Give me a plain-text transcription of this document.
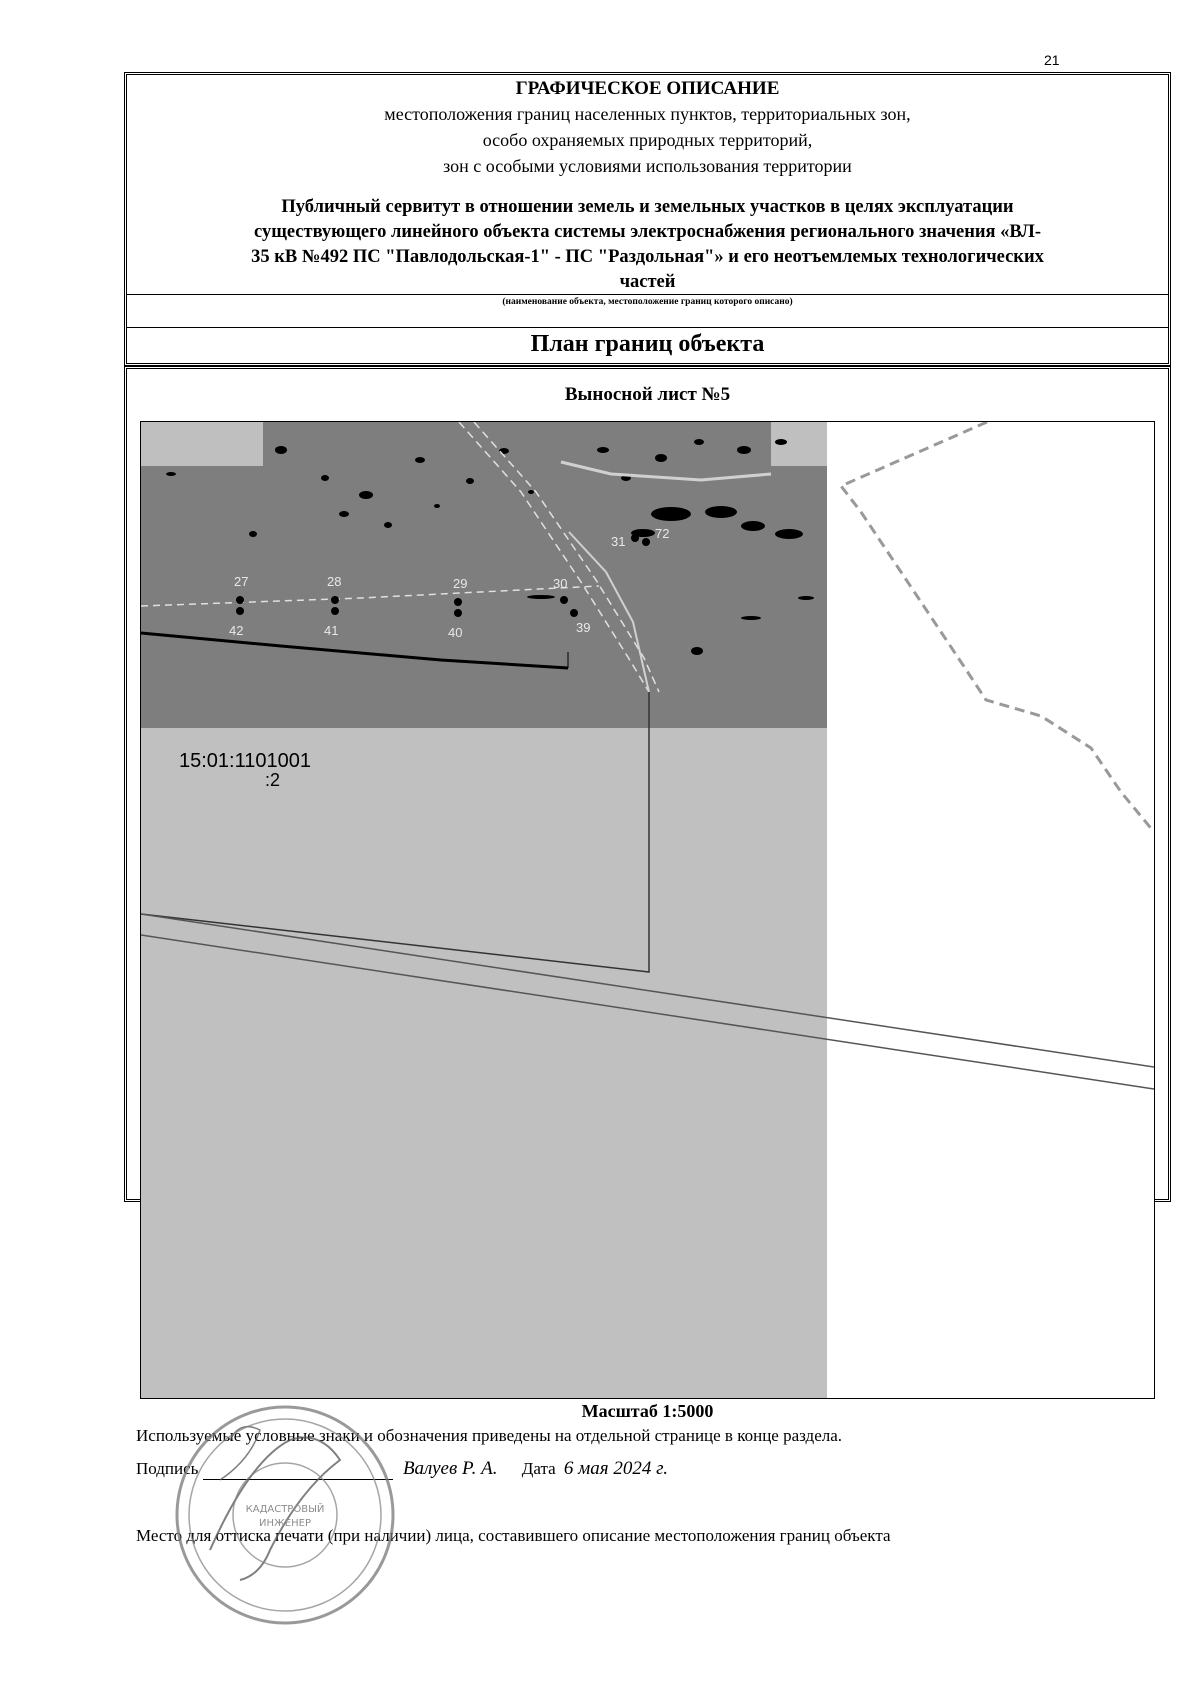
21
ГРАФИЧЕСКОЕ ОПИСАНИЕ
местоположения границ населенных пунктов, территориальных зон,
особо охраняемых природных территорий,
зон с особыми условиями использования территории
Публичный сервитут в отношении земель и земельных участков в целях эксплуатации
существующего линейного объекта системы электроснабжения регионального значения «ВЛ-
35 кВ №492 ПС "Павлодольская-1" - ПС "Раздольная"» и его неотъемлемых технологических
частей
(наименование объекта, местоположение границ которого описано)
План границ объекта
Выносной лист №5
27
42
28
41
29
40
30
39
31
72
15:01:1101001
:2
Масштаб 1:5000
Используемые условные знаки и обозначения приведены на отдельной странице в конце раздела.
Подпись	Валуев Р. А. Дата 6 мая 2024 г.
Место для оттиска печати (при наличии) лица, составившего описание местоположения границ объекта
КАДАСТРОВЫЙ
ИНЖЕНЕР
